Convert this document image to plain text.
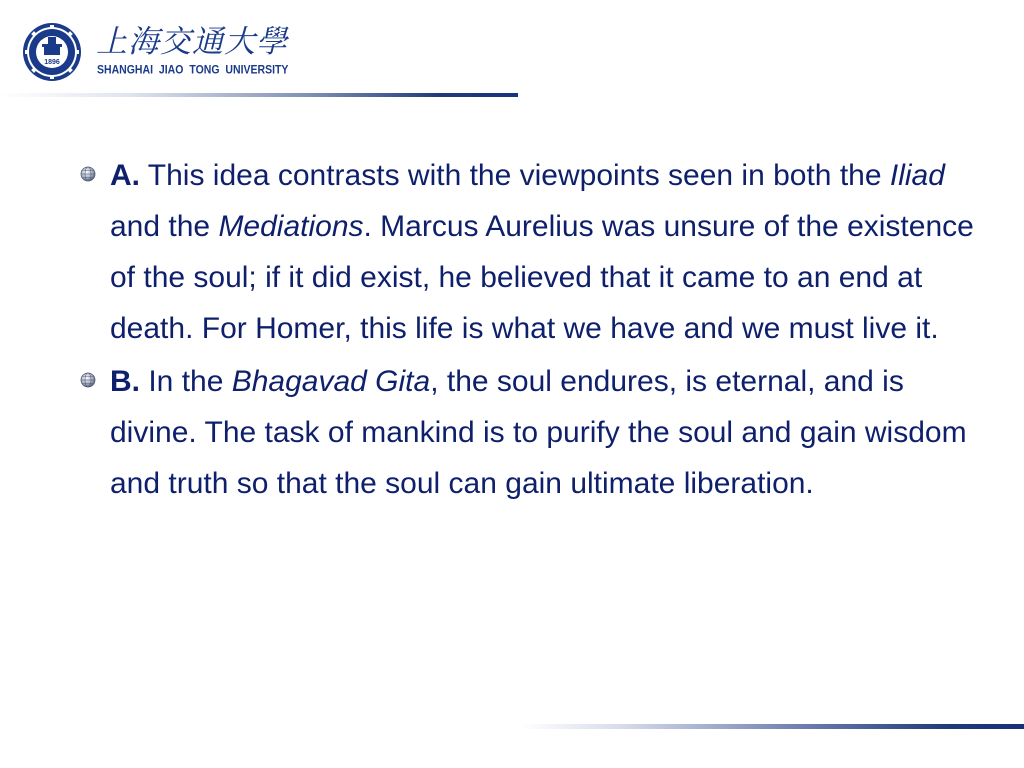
1896
上海交通大學
SHANGHAI JIAO TONG UNIVERSITY
A. This idea contrasts with the viewpoints seen in both the Iliad and the Mediations. Marcus Aurelius was unsure of the existence of the soul; if it did exist, he believed that it came to an end at death. For Homer, this life is what we have and we must live it.
B. In the Bhagavad Gita, the soul endures, is eternal, and is divine. The task of mankind is to purify the soul and gain wisdom and truth so that the soul can gain ultimate liberation.
